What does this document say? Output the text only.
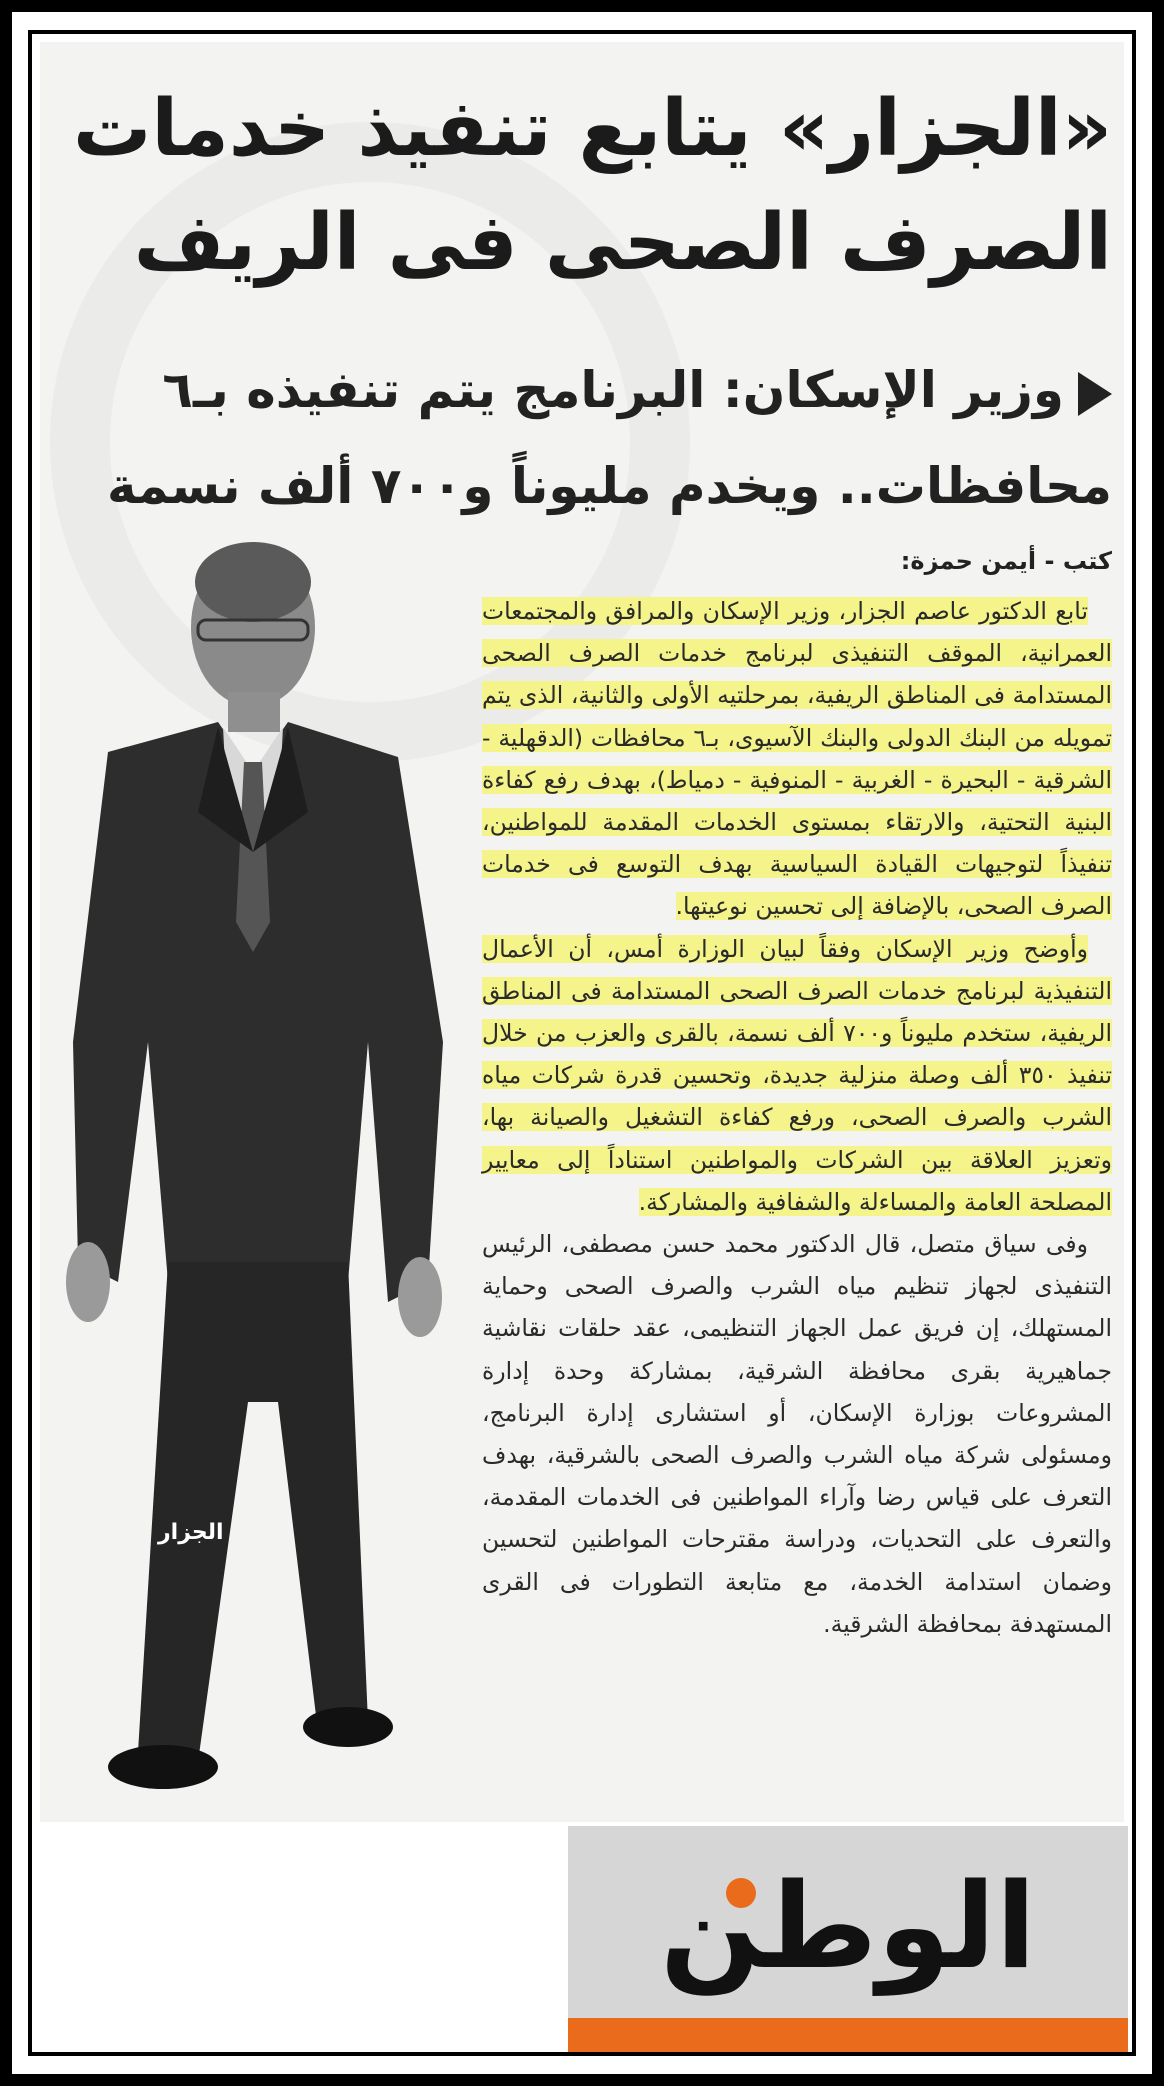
«الجزار» يتابع تنفيذ خدمات
الصرف الصحى فى الريف
وزير الإسكان: البرنامج يتم تنفيذه بـ٦
محافظات.. ويخدم مليوناً و٧٠٠ ألف نسمة
كتب - أيمن حمزة:

تابع الدكتور عاصم الجزار، وزير الإسكان والمرافق والمجتمعات العمرانية، الموقف التنفيذى لبرنامج خدمات الصرف الصحى المستدامة فى المناطق الريفية، بمرحلتيه الأولى والثانية، الذى يتم تمويله من البنك الدولى والبنك الآسيوى، بـ٦ محافظات (الدقهلية - الشرقية - البحيرة - الغربية - المنوفية - دمياط)، بهدف رفع كفاءة البنية التحتية، والارتقاء بمستوى الخدمات المقدمة للمواطنين، تنفيذاً لتوجيهات القيادة السياسية بهدف التوسع فى خدمات الصرف الصحى، بالإضافة إلى تحسين نوعيتها.

وأوضح وزير الإسكان وفقاً لبيان الوزارة أمس، أن الأعمال التنفيذية لبرنامج خدمات الصرف الصحى المستدامة فى المناطق الريفية، ستخدم مليوناً و٧٠٠ ألف نسمة، بالقرى والعزب من خلال تنفيذ ٣٥٠ ألف وصلة منزلية جديدة، وتحسين قدرة شركات مياه الشرب والصرف الصحى، ورفع كفاءة التشغيل والصيانة بها، وتعزيز العلاقة بين الشركات والمواطنين استناداً إلى معايير المصلحة العامة والمساءلة والشفافية والمشاركة.

وفى سياق متصل، قال الدكتور محمد حسن مصطفى، الرئيس التنفيذى لجهاز تنظيم مياه الشرب والصرف الصحى وحماية المستهلك، إن فريق عمل الجهاز التنظيمى، عقد حلقات نقاشية جماهيرية بقرى محافظة الشرقية، بمشاركة وحدة إدارة المشروعات بوزارة الإسكان، أو استشارى إدارة البرنامج، ومسئولى شركة مياه الشرب والصرف الصحى بالشرقية، بهدف التعرف على قياس رضا وآراء المواطنين فى الخدمات المقدمة، والتعرف على التحديات، ودراسة مقترحات المواطنين لتحسين وضمان استدامة الخدمة، مع متابعة التطورات فى القرى المستهدفة بمحافظة الشرقية.

الجزار
الوطن
